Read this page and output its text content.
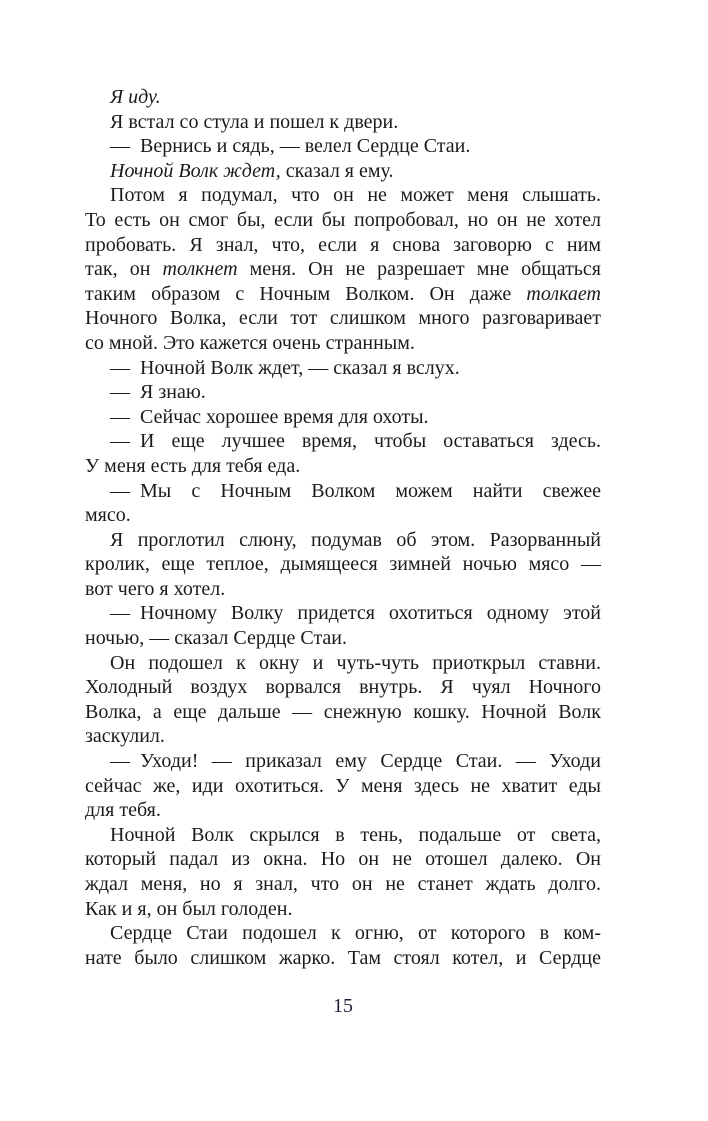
Я иду.
Я встал со стула и пошел к двери.
— Вернись и сядь, — велел Сердце Стаи.
Ночной Волк ждет, сказал я ему.
Потом я подумал, что он не может меня слышать.
То есть он смог бы, если бы попробовал, но он не хотел
пробовать. Я знал, что, если я снова заговорю с ним
так, он толкнет меня. Он не разрешает мне общаться
таким образом с Ночным Волком. Он даже толкает
Ночного Волка, если тот слишком много разговаривает
со мной. Это кажется очень странным.
— Ночной Волк ждет, — сказал я вслух.
— Я знаю.
— Сейчас хорошее время для охоты.
— И еще лучшее время, чтобы оставаться здесь.
У меня есть для тебя еда.
— Мы с Ночным Волком можем найти свежее
мясо.
Я проглотил слюну, подумав об этом. Разорванный
кролик, еще теплое, дымящееся зимней ночью мясо —
вот чего я хотел.
— Ночному Волку придется охотиться одному этой
ночью, — сказал Сердце Стаи.
Он подошел к окну и чуть-чуть приоткрыл ставни.
Холодный воздух ворвался внутрь. Я чуял Ночного
Волка, а еще дальше — снежную кошку. Ночной Волк
заскулил.
— Уходи! — приказал ему Сердце Стаи. — Уходи
сейчас же, иди охотиться. У меня здесь не хватит еды
для тебя.
Ночной Волк скрылся в тень, подальше от света,
который падал из окна. Но он не отошел далеко. Он
ждал меня, но я знал, что он не станет ждать долго.
Как и я, он был голоден.
Сердце Стаи подошел к огню, от которого в ком-
нате было слишком жарко. Там стоял котел, и Сердце
15
